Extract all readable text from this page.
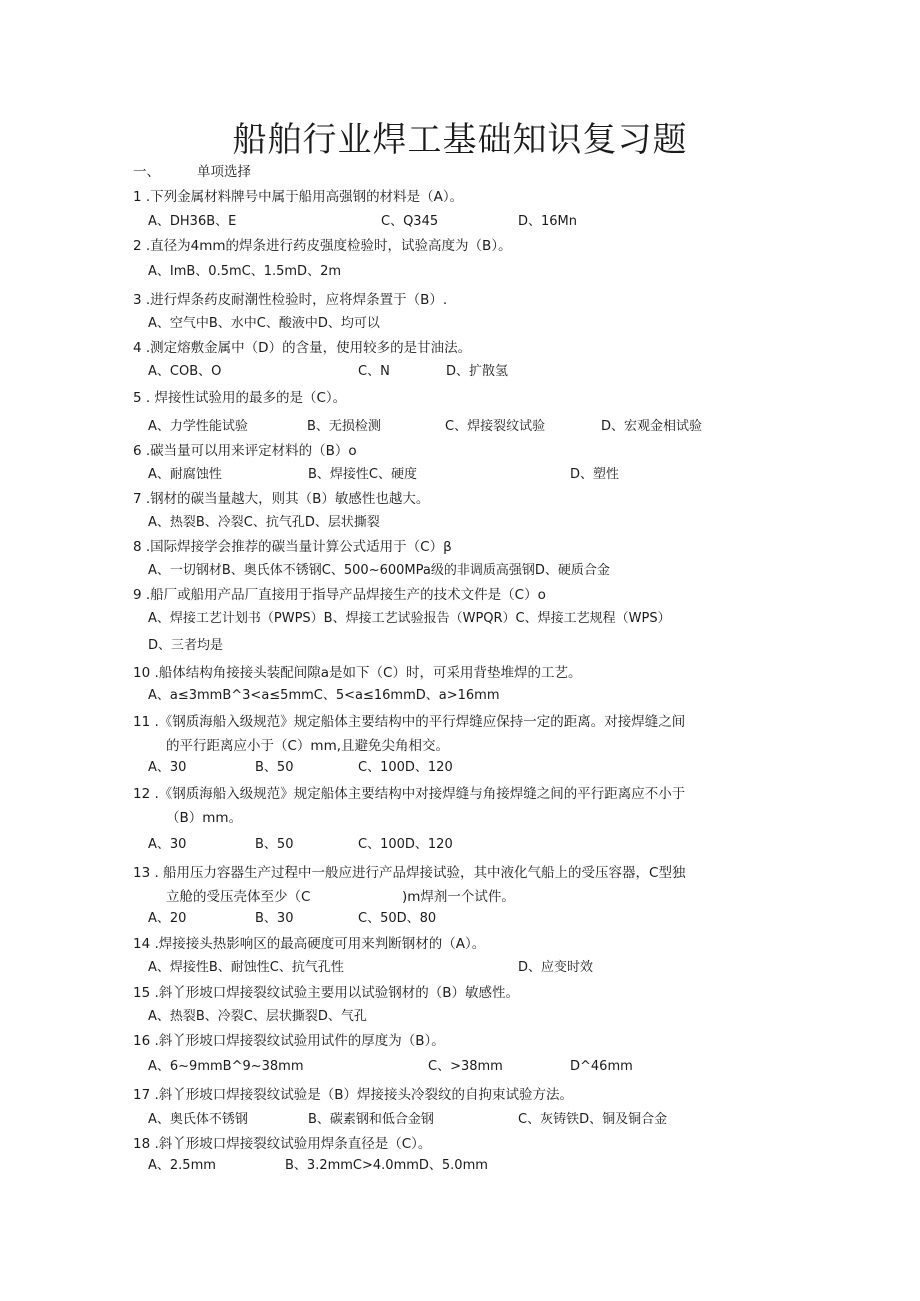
船舶行业焊工基础知识复习题
一、	单项选择
1 .下列金属材料牌号中属于船用高强钢的材料是（A）。
A、DH36B、E	C、Q345	D、16Mn
2 .直径为4mm的焊条进行药皮强度检验时，试验高度为（B）。
A、ImB、0.5mC、1.5mD、2m
3 .进行焊条药皮耐潮性检验时，应将焊条置于（B）.
A、空气中B、水中C、酸液中D、均可以
4 .测定熔敷金属中（D）的含量，使用较多的是甘油法。
A、COB、O	C、N	D、扩散氢
5 . 焊接性试验用的最多的是（C）。
A、力学性能试验	B、无损检测	C、焊接裂纹试验	D、宏观金相试验
6 .碳当量可以用来评定材料的（B）o
A、耐腐蚀性	B、焊接性C、硬度	D、塑性
7 .钢材的碳当量越大，则其（B）敏感性也越大。
A、热裂B、冷裂C、抗气孔D、层状撕裂
8 .国际焊接学会推荐的碳当量计算公式适用于（C）β
A、一切钢材B、奥氏体不锈钢C、500~600MPa级的非调质高强钢D、硬质合金
9 .船厂或船用产品厂直接用于指导产品焊接生产的技术文件是（C）o
A、焊接工艺计划书（PWPS）B、焊接工艺试验报告（WPQR）C、焊接工艺规程（WPS）
D、三者均是
10 .船体结构角接接头装配间隙a是如下（C）时，可采用背垫堆焊的工艺。
A、a≤3mmB^3<a≤5mmC、5<a≤16mmD、a>16mm
11 .《钢质海船入级规范》规定船体主要结构中的平行焊缝应保持一定的距离。对接焊缝之间
的平行距离应小于（C）mm,且避免尖角相交。
A、30	B、50	C、100D、120
12 .《钢质海船入级规范》规定船体主要结构中对接焊缝与角接焊缝之间的平行距离应不小于
（B）mm。
A、30	B、50	C、100D、120
13 . 船用压力容器生产过程中一般应进行产品焊接试验，其中液化气船上的受压容器，C型独
立舱的受压壳体至少（C	)m焊剂一个试件。
A、20	B、30	C、50D、80
14 .焊接接头热影响区的最高硬度可用来判断钢材的（A）。
A、焊接性B、耐蚀性C、抗气孔性	D、应变时效
15 .斜丫形坡口焊接裂纹试验主要用以试验钢材的（B）敏感性。
A、热裂B、冷裂C、层状撕裂D、气孔
16 .斜丫形坡口焊接裂纹试验用试件的厚度为（B）。
A、6~9mmB^9~38mm	C、>38mm	D^46mm
17 .斜丫形坡口焊接裂纹试验是（B）焊接接头冷裂纹的自拘束试验方法。
A、奥氏体不锈钢	B、碳素钢和低合金钢	C、灰铸铁D、铜及铜合金
18 .斜丫形坡口焊接裂纹试验用焊条直径是（C）。
A、2.5mm	B、3.2mmC>4.0mmD、5.0mm
